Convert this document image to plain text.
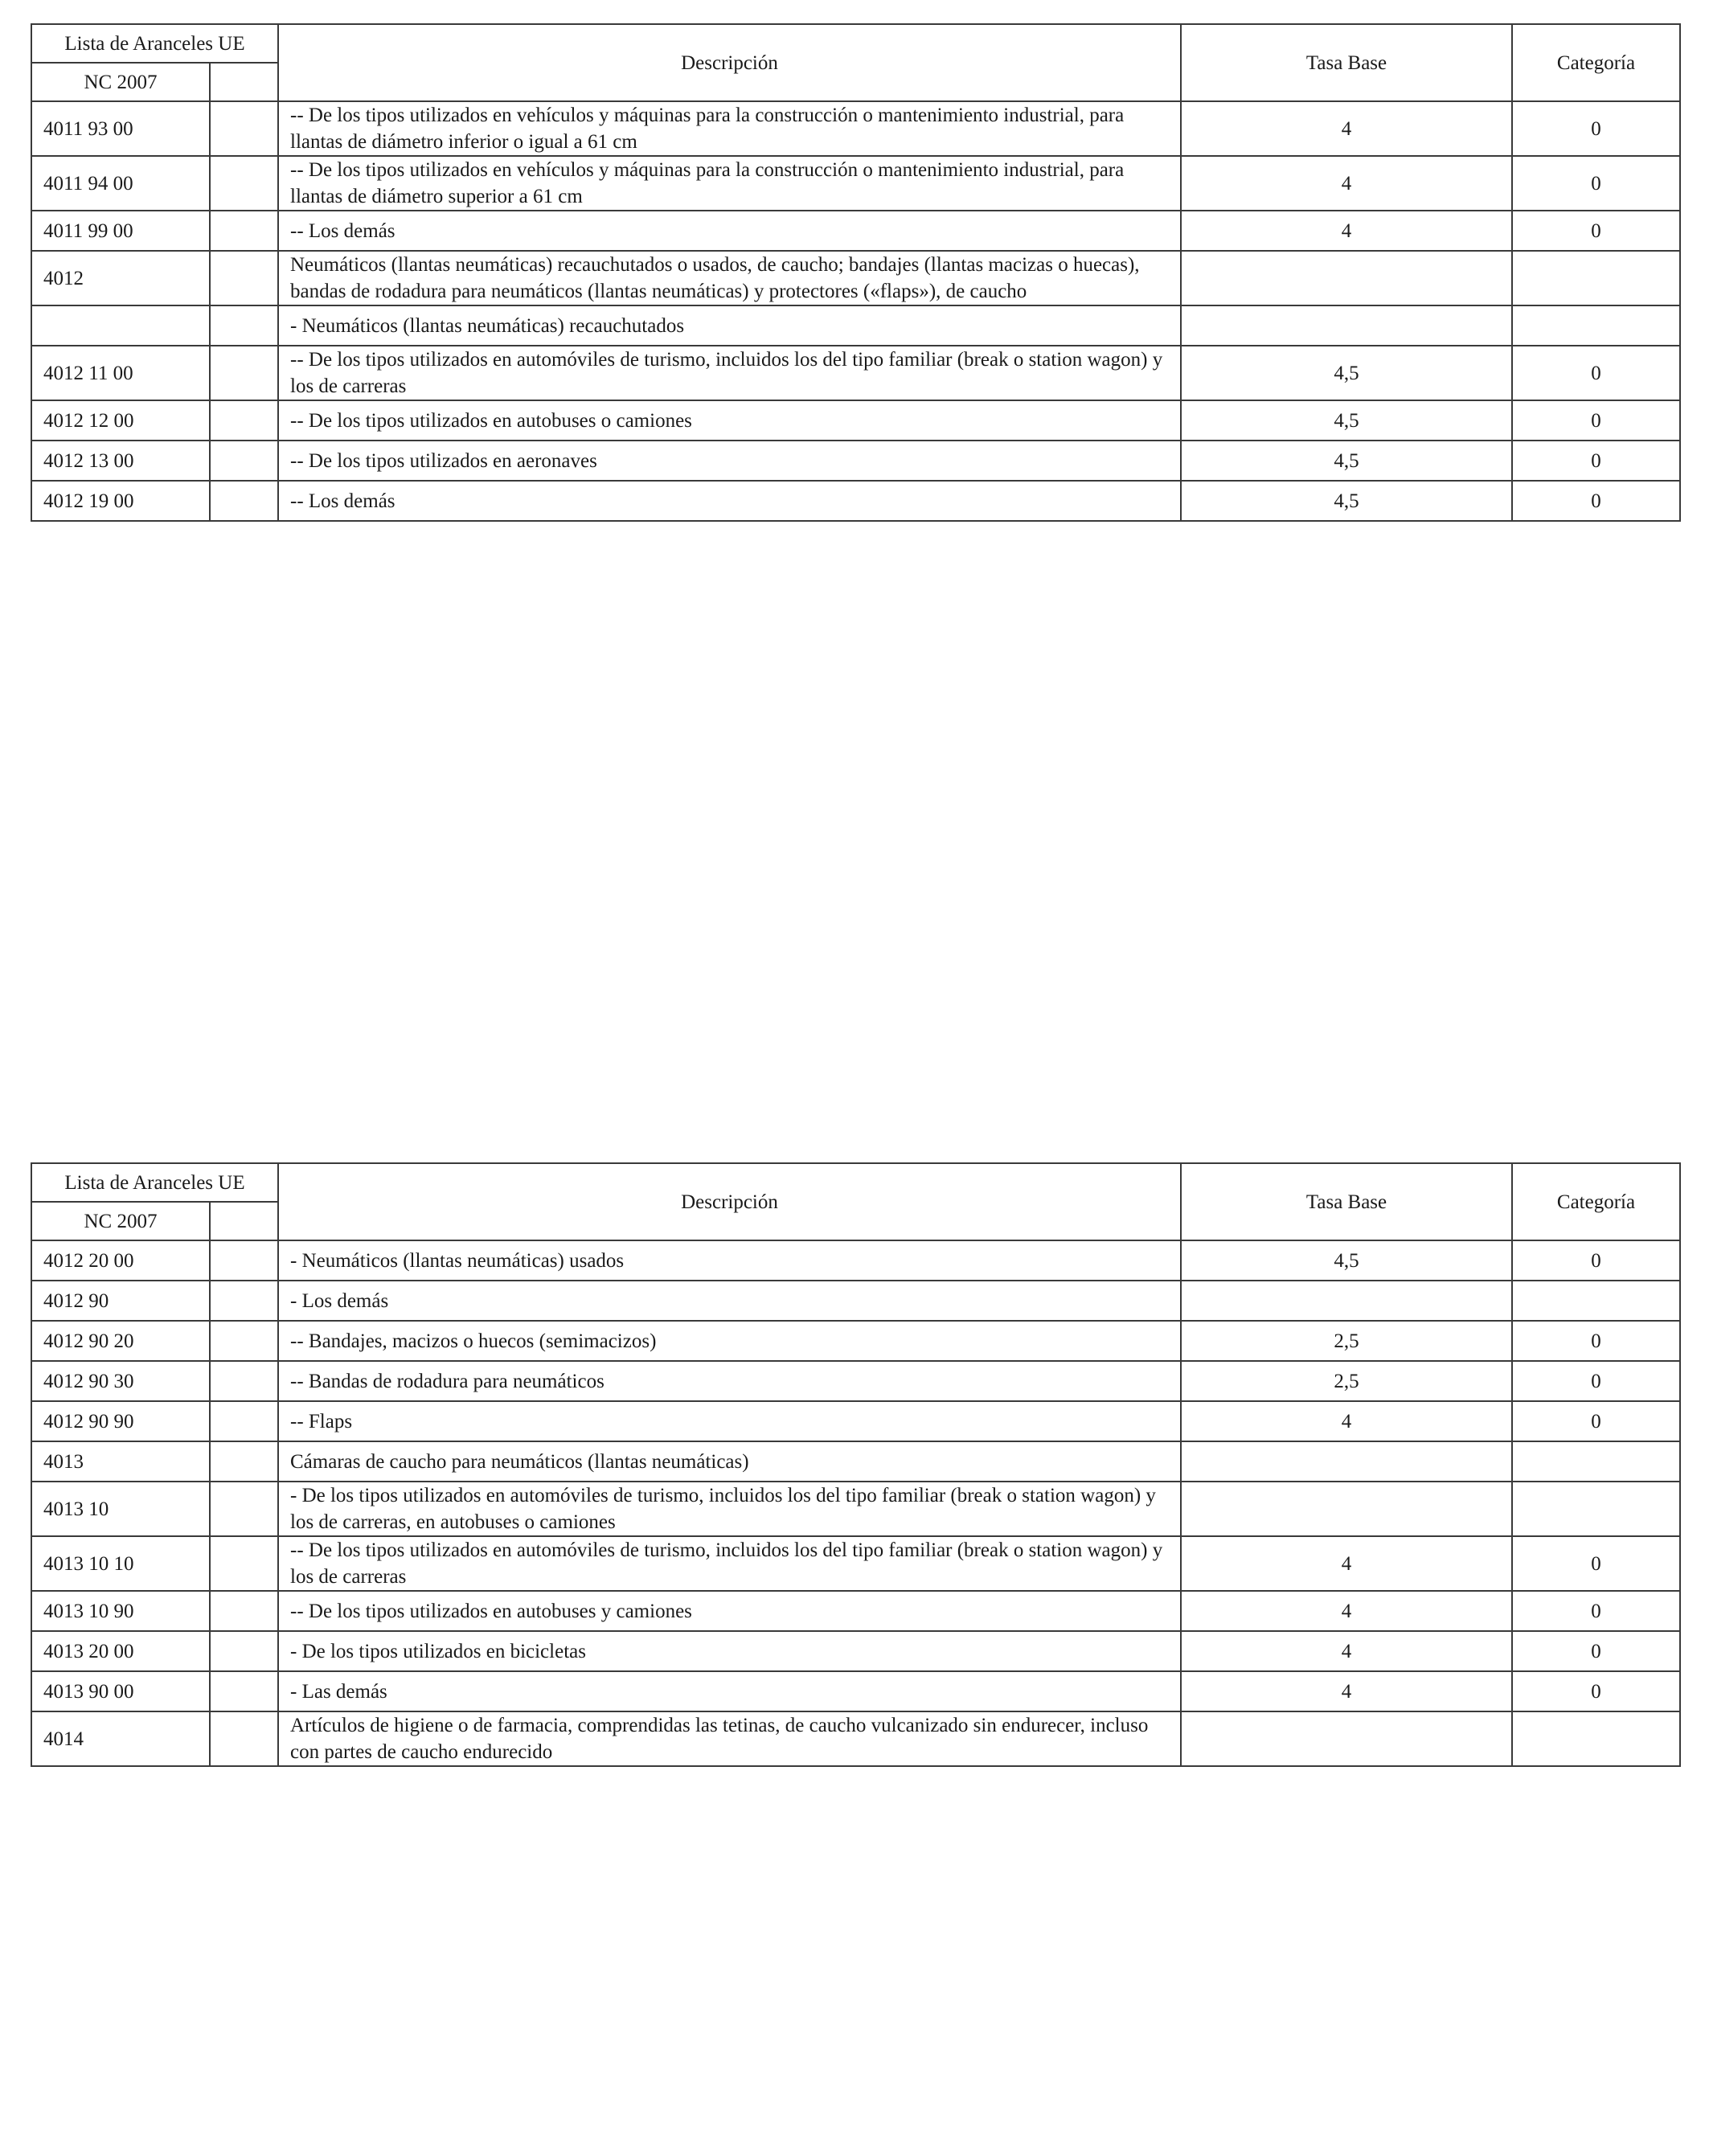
Lista de Aranceles UE		Descripción	Tasa Base	Categoría
NC 2007				
4011 93 00		-- De los tipos utilizados en vehículos y máquinas para la construcción o mantenimiento industrial, para llantas de diámetro inferior o igual a 61 cm	4	0
4011 94 00		-- De los tipos utilizados en vehículos y máquinas para la construcción o mantenimiento industrial, para llantas de diámetro superior a 61 cm	4	0
4011 99 00		-- Los demás	4	0
4012		Neumáticos (llantas neumáticas) recauchutados o usados, de caucho; bandajes (llantas macizas o huecas), bandas de rodadura para neumáticos (llantas neumáticas) y protectores («flaps»), de caucho		
		- Neumáticos (llantas neumáticas) recauchutados		
4012 11 00		-- De los tipos utilizados en automóviles de turismo, incluidos los del tipo familiar (break o station wagon) y los de carreras	4,5	0
4012 12 00		-- De los tipos utilizados en autobuses o camiones	4,5	0
4012 13 00		-- De los tipos utilizados en aeronaves	4,5	0
4012 19 00		-- Los demás	4,5	0
Lista de Aranceles UE		Descripción	Tasa Base	Categoría
NC 2007				
4012 20 00		- Neumáticos (llantas neumáticas) usados	4,5	0
4012 90		- Los demás		
4012 90 20		-- Bandajes, macizos o huecos (semimacizos)	2,5	0
4012 90 30		-- Bandas de rodadura para neumáticos	2,5	0
4012 90 90		-- Flaps	4	0
4013		Cámaras de caucho para neumáticos (llantas neumáticas)		
4013 10		- De los tipos utilizados en automóviles de turismo, incluidos los del tipo familiar (break o station wagon) y los de carreras, en autobuses o camiones		
4013 10 10		-- De los tipos utilizados en automóviles de turismo, incluidos los del tipo familiar (break o station wagon) y los de carreras	4	0
4013 10 90		-- De los tipos utilizados en autobuses y camiones	4	0
4013 20 00		- De los tipos utilizados en bicicletas	4	0
4013 90 00		- Las demás	4	0
4014		Artículos de higiene o de farmacia, comprendidas las tetinas, de caucho vulcanizado sin endurecer, incluso con partes de caucho endurecido		
